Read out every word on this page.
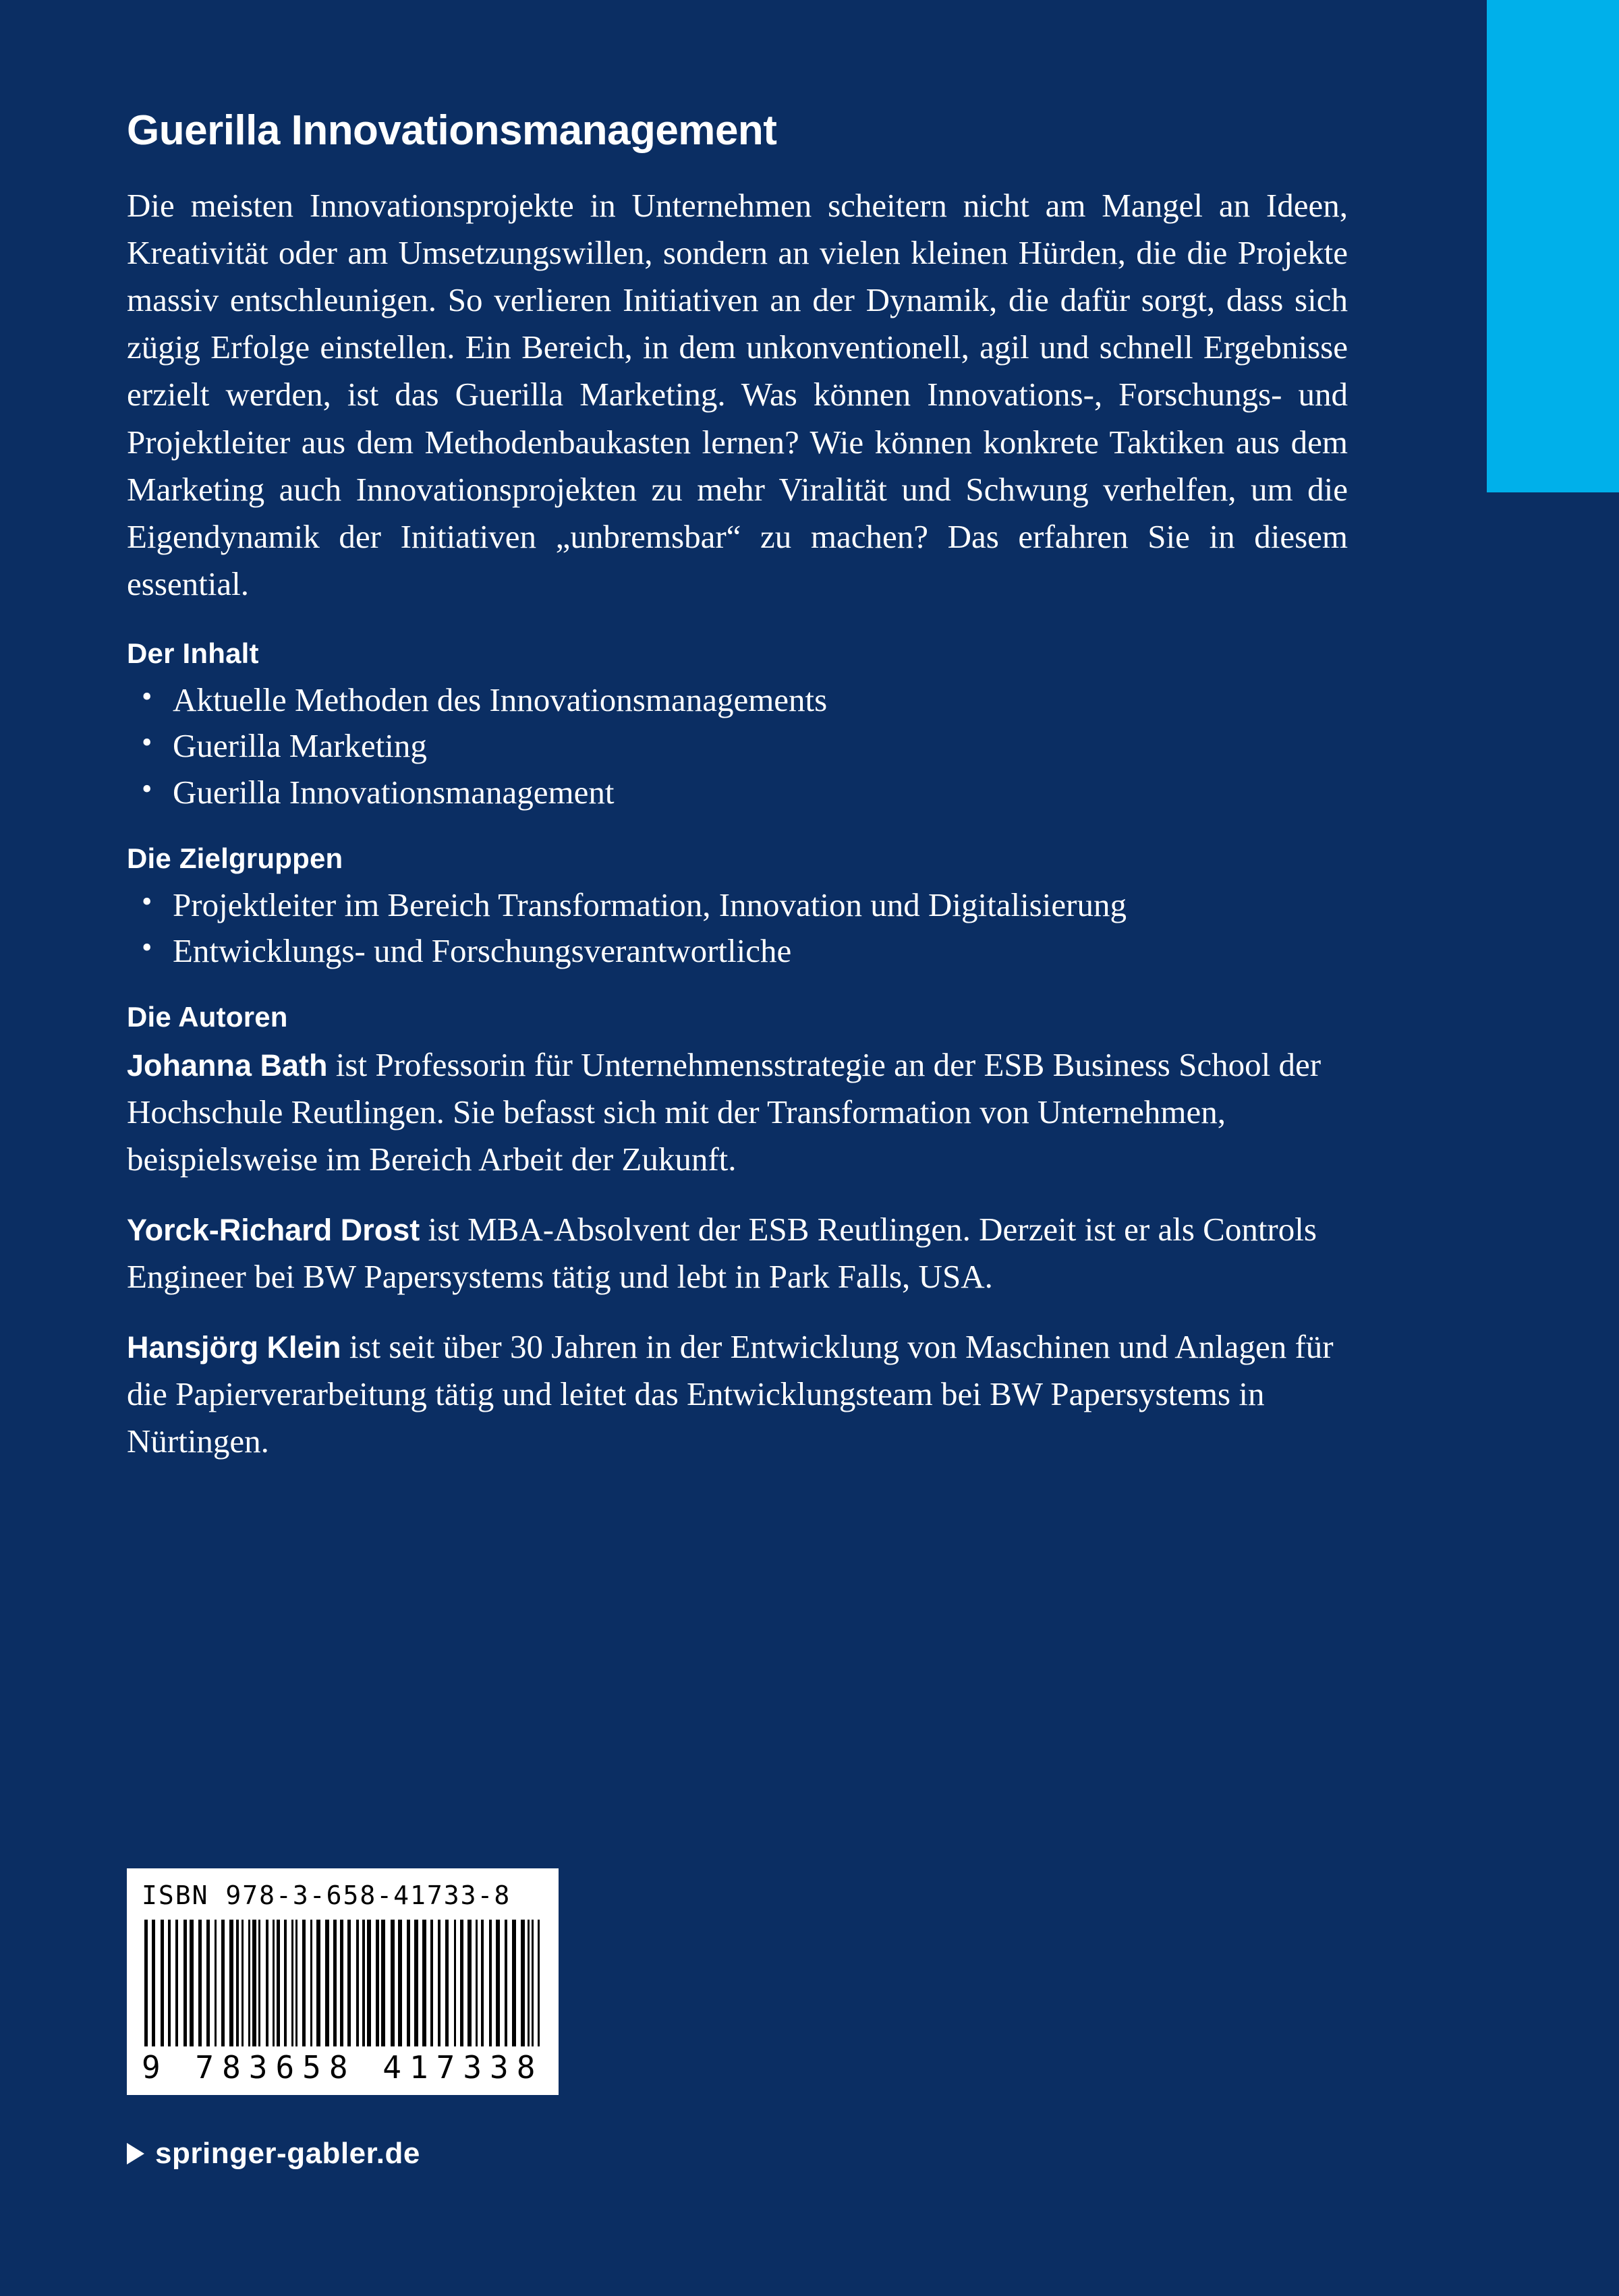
Guerilla Innovationsmanagement

Die meisten Innovationsprojekte in Unternehmen scheitern nicht am Mangel an Ideen, Kreativität oder am Umsetzungswillen, sondern an vielen kleinen Hürden, die die Projekte massiv entschleunigen. So verlieren Initiativen an der Dynamik, die dafür sorgt, dass sich zügig Erfolge einstellen. Ein Bereich, in dem unkonventionell, agil und schnell Ergebnisse erzielt werden, ist das Guerilla Marketing. Was können Innovations-, Forschungs- und Projektleiter aus dem Methodenbaukasten lernen? Wie können konkrete Taktiken aus dem Marketing auch Innovationsprojekten zu mehr Viralität und Schwung verhelfen, um die Eigendynamik der Initiativen „unbremsbar“ zu machen? Das erfahren Sie in diesem essential.

Der Inhalt
• Aktuelle Methoden des Innovationsmanagements
• Guerilla Marketing
• Guerilla Innovationsmanagement
Die Zielgruppen
• Projektleiter im Bereich Transformation, Innovation und Digitalisierung
• Entwicklungs- und Forschungsverantwortliche
Die Autoren

Johanna Bath ist Professorin für Unternehmensstrategie an der ESB Business School der Hochschule Reutlingen. Sie befasst sich mit der Transformation von Unternehmen, beispielsweise im Bereich Arbeit der Zukunft.

Yorck-Richard Drost ist MBA-Absolvent der ESB Reutlingen. Derzeit ist er als Controls Engineer bei BW Papersystems tätig und lebt in Park Falls, USA.

Hansjörg Klein ist seit über 30 Jahren in der Entwicklung von Maschinen und Anlagen für die Papierverarbeitung tätig und leitet das Entwicklungsteam bei BW Papersystems in Nürtingen.

ISBN 978-3-658-41733-8
9 783658 417338
springer-gabler.de
